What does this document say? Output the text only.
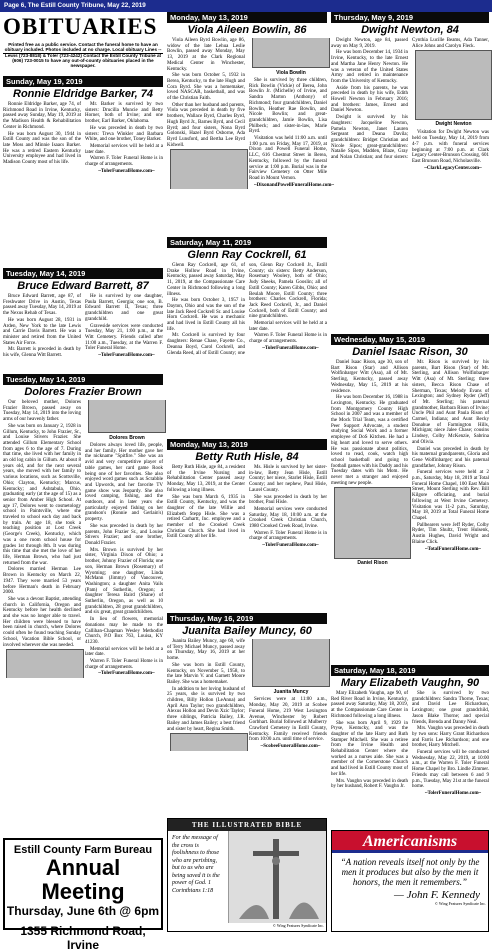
Page 6, The Estill County Tribune, May 22, 2019
OBITUARIES
Printed free as a public service. Contact the funeral home to have an obituary included. Photos included at no charge. Local obituary Lines -- Lewis (723-8818) & Toler (723-4242) Contact the Estill County Tribune at (606) 723-0015 to have any out-of-county obituaries placed in the newspaper.
Sunday, May 19, 2019
Ronnie Eldridge Barker, 74

Ronnie Eldridge Barker, age 74, of Richmond Road in Irvine, Kentucky, passed away Sunday, May 19, 2019 at the Madison Health & Rehabilitation Center in Richmond.

He was born August 30, 1944 in Estill County and was the son of the late Moss and Minnie Isaacs Barker. He was a retired Eastern Kentucky University employee and had lived in Madison County most of his life.

Mr. Barker is survived by two sisters: Drucilla Muncie and Betty Horner, both of Irvine; and one brother, Earl Barker, Oklahoma.

He was preceded in death by two sisters: Treva Winkler and Barbara White, and one brother, Toney Barker.

Memorial services will be held at a later date.

Warren F. Toler Funeral Home is in charge of arrangements.

~TolerFuneralHome.com~

Tuesday, May 14, 2019
Bruce Edward Barrett, 87

Bruce Edward Barrett, age 87, of Freshwater Drive in Austin, Texas passed away Tuesday, May 14, 2019 at the Nexus Rehab of Texas.

He was born August 28, 1931 in Arden, New York to the late Lewis and Carrie Davis Barrett. He was a minister and retired from the United States Air Force.

Mr. Barrett is preceded in death by his wife, Glenna Witt Barrett.

He is survived by one daughter, Paula Barrett, Georgia; one son, B. Edward Barrett II, Texas; three grandchildren and one great grandchild.

Graveside services were conducted Tuesday, May 21, 1:00 p.m., at the Witt Cemetery. Friends called after 11:00 a.m., Tuesday, at the Warren F. Toler Funeral Home.

~TolerFuneralHome.com~

Tuesday, May 14, 2019
Dolores Frazier Brown

Our beloved mother, Dolores Frazier Brown, passed away on Tuesday, May 14, 2019 into the loving arms of our heavenly father.

She was born on January 2, 1928 in Gillum, Kentucky, to John Frazier, Sr., and Louise Stivers Frazier. She attended Gillum Elementary School from ages 6 to the age of 7. During that time, she lived with her family in an old log cabin in Gillum. At about 8 years old, and for the next several years, she moved with her family to various locations, such as Scottsville, Ohio; Clayton, Kentucky; Marcus, Kentucky; and Ashtabula, Ohio, graduating early (at the age of 15) as a senior from Amber High School. At age 17, Dolores went to cosmetology school in Paintsville, where she traveled to school each day and back by train. At age 18, she took a teaching position at Lost Creek (George's Creek), Kentucky, which was a one room school house for grades 1st through 8th. It was during this time that she met the love of her life, Herman Brown, who had just returned from the war.

Dolores married Herman Lee Brown in Kentucky on March 22, 1947. They were married 53 years before Herman's death in February 2000.

She was a devout Baptist, attending church in California, Oregon and Kentucky before her health declined and she was no longer able to travel. Her children were blessed to have been raised in church, where Dolores could often be found teaching Sunday School, Vacation Bible School, or involved wherever she was needed.

Dolores Brown

Dolores always loved life, people, and her family. Her mother gave her the nickname "Spitfire." She was an avid and very competitive player of table games, her card game Rook being one of her favorites. She also enjoyed word games such as Scrabble and Upwords, and her favorite TV game show was Jeopardy. She also loved camping, fishing, and the outdoors, and in later years she particularly enjoyed fishing on her grandson's (Ronnie and Gerlain's) property.

She was preceded in death by her parents, John Frazier Sr., and Louise Stivers Frazier; and one brother, Donald Frazier.

Mrs. Brown is survived by her sister, Virginia Dixon of Ohio; a brother, Johnny Frazier of Florida; one son, Herman Brown (Rosemary) of Wyoming; one daughter, Linda McMann (Jimmy) of Vancouver, Washington; a daughter Anita Vails (Pam) of Sutherlin, Oregon; a daughter Teresa Baird (Shane) of Sutherlin, Oregon, as well as 10 grandchildren, 28 great grandchildren, and six great, great grandchildren.

In lieu of flowers, memorial donations may be made to the Callihan-Chapman Wesley Methodist Church, P.O Box 763, Louisa, KY 41230.

Memorial services will be held at a later date.

Warren F. Toler Funeral Home is in charge of arrangements.

~TolerFuneralHome.com~

Estill County Farm Bureau
Annual Meeting
Thursday, June 6th @ 6pm
1355 Richmond Road, Irvine
Monday, May 13, 2019
Viola Aileen Bowlin, 86

Viola Aileen Byrd Bowlin, age 86, widow of the late Lehua Leslie Bowlin, passed away Monday, May 13, 2019 at the Clark Regional Medical Center in Winchester, Kentucky.

She was born October 5, 1932 in Berea, Kentucky, to the late Hugh and Cora Byrd. She was a homemaker, loved NASCAR, basketball, and was of the Christian Faith.

Other than her husband and parents, Viola was preceded in death by five brothers, Wallace Byrd, Charles Byrd, Hugh Byrd Jr., Barnes Byrd, and Cecil Byrd; and four sisters, Nona Byrd Golonski, Hazel Byrd Osborne, Ada Byrd Lunsford, and Bertha Lee Byrd Kidwell.

Viola Bowlin

She is survived by three children, Rick Bowlin (Vickie) of Berea, John Bowlin Jr. (Michelle) of Irvine, and Sandra Marton (Anthony) of Richmond; four grandchildren, Daniel Bowlin, Heather Rae Bowlin, and Nicole Bowlin; and great-grandchildren, Jamie Bowlin, Lisa Philbeck; and sister-in-law, Marie Byrd.

Visitation was held 11:00 a.m. until 1:00 p.m. on Friday, May 17, 2019, at Dixon and Powell Funeral Home, LLC, 616 Chestnut Street in Berea, Kentucky, followed by the funeral service at 1:00 p.m. Burial was in the Fairview Cemetery on Otter Mile Road in Mount Vernon.

~DixonandPowellFuneralHome.com~

Saturday, May 11, 2019
Glenn Ray Cockrell, 61

Glenn Ray Cockrell, age 61, of Drake Hollow Road in Irvine, Kentucky, passed away Saturday, May 11, 2019, at the Compassionate Care Center in Richmond following a long illness.

He was born October 3, 1957 in Dayton, Ohio and was the son of the late Jack Reed Cockrell Sr. and Louise Horn Cockrell. He was a mechanic and had lived in Estill County all his life.

Mr. Cockrell is survived by four daughters: Renae Chase, Fayette Co., Deanna Boyd, Carol Cockrell, and Glenda Reed, all of Estill County; one son, Glenn Ray Cockrell Jr., Estill County; six sisters: Betty Anderson, Rosemary Woolery, both of Ohio; Judy Sheeks, Pamela Gooslin; all of Estill County; Karen Gibbs, Ohio; and Beulah Moore, Estill County; three brothers: Charles Cockrell, Florida; Jack Reed Cockrell, Jr., and Daniel Cockrell, both of Estill County; and nine grandchildren.

Memorial services will be held at a later date.

Warren F. Toler Funeral Home is in charge of arrangements.

~TolerFuneralHome.com~

Monday, May 13, 2019
Betty Ruth Hisle, 84

Betty Ruth Hisle, age 84, a resident of the Irvine Nursing and Rehabilitation Center passed away Monday, May 13, 2019, at the Center following a long illness.

She was born March 6, 1935 in Estill County, Kentucky, and was the daughter of the late Willie and Elizabeth Stepp Hisle. She was a retired Carhartt, Inc. employee and a member of the Crooked Creek Christian Church. She had lived in Estill County all her life.

Ms. Hisle is survived by her sister-in-law, Betty Jean Hisle, Estill County; her niece, Starlet Hisle, Estill County; and her nephew, Paul Hisle, Laurel County.

She was preceded in death by her brother, Paul Hisle.

Memorial services were conducted Saturday, May 18, 10:00 a.m. at the Crooked Creek Christian Church, 1980 Crooked Creek Road, Irvine.

Warren F. Toler Funeral Home is in charge of arrangements.

~TolerFuneralHome.com~

Thursday, May 16, 2019
Juanita Bailey Muncy, 60

Juanita Bailey Muncy, age 60, wife of Terry Michael Muncy, passed away on Thursday, May 16, 2019 at her home.

She was born in Estill County, Kentucky, on November 5, 1958, to the late Marvin V. and Garnett Moore Bailey. She was a homemaker.

In addition to her loving husband of 25 years, she is survived by two children, Billy Hollon (LeAnna) and April Ann Taylor; two grandchildren, Alexus Hollon and Devin Xzic Taylor; three siblings, Patricia Bailey, J.R. Bailey and James Bailey; a best friend and sister by heart, Regina Smith.

Juanita Muncy

Services were at 11:00 a.m., Monday, May 20, 2019 at Scobee Funeral Home, 219 West Lexington Avenue, Winchester by Robert Gorbhart. Burial followed at Mulberry Crawford Cemetery in Estill County, Kentucky. Family received friends from 10:00 a.m. until time of service.

~ScobeeFuneralHome.com~

THE ILLUSTRATED BIBLE
For the message of the cross is foolishness to those who are perishing, but to us who are being saved it is the power of God. 1 Corinthians 1:18
© Wing Features Syndicate Inc.
Thursday, May 9, 2019
Dwight Newton, 84

Dwight Newton, age 84, passed away on May 9, 2019.

He was born December 14, 1934 in Irvine, Kentucky, to the late Ernest and Martha Jane Henry Newton. He was a veteran of the United States Army and retired in maintenance from the University of Kentucky.

Aside from his parents, he was preceded in death by his wife, Edith Howell Newton in February 2016; and brothers: James, Ernest and Daniel Newton.

Dwight is survived by his daughters: Jacqueline Newton, Pamela Newton, Janet Lauren Sergeant and Deana Davila; grandchildren: Bridget Christian and Nicole Sipos; great-grandchildren: Natalie Sipos, Madden, Blaze, Gray and Nolan Christian; and four sisters: Cynthia Lucille Beams, Ada Tanner, Alice Johns and Carolyn Fleck.

Dwight Newton

Visitation for Dwight Newton was held on Tuesday, May 14, 2019 from 4-7 p.m. with funeral services beginning at 7:00 p.m. at Clark Legacy Center-Brunson Crossing, 601 East Brunson Road, Nicholasville.

~ClarkLegacyCenter.com~

Wednesday, May 15, 2019
Daniel Isaac Rison, 30

Daniel Isaac Rison, age 30, son of Bart Rison (Star) and Allison Wolfinbarger Witt (Asa), all of Mt. Sterling, Kentucky, passed away Wednesday, May 15, 2019 at his residence.

He was born December 16, 1988 in Lexington, Kentucky. He graduated from Montgomery County High School in 2007 and was a member of the Mock Trial Team, was a certified Peer Support Advocate, a student studying Social Work and a former employee of DoS Kitchen. He had a big heart and loved to serve others. He was passionate about politics, loved to read, cook, watch high school basketball and going to football games with his Daddy and his Tuesday dates with his Mom. He never met a stranger and enjoyed meeting new people.

Daniel Rison

Mr. Rison is survived by his parents, Bart Rison (Star) of Mt. Sterling, and Allison Wolfinbarger Witt (Asa) of Mt. Sterling; three sisters, Becca Rison Chase of Sherman, Texas; Melody Evans of Lexington; and Sydney Ryder (Jeff) of Mt. Sterling; his paternal grandmother, Barbara Rison of Irvine; Uncle Phil and Aunt Paula Rison of Carmel, Indiana; and Aunt Becky Donahue of Farmington Hills, Michigan; niece Jalee Chase; cousins Lindsey, Colby McKenzie, Sabrina and Olivia.

Daniel was preceded in death by his maternal grandparents, Gloria and Gene Wolfinbarger; and his paternal grandfather, Johnny Rison.

Funeral services were held at 2 p.m., Saturday, May 18, 2019 at Total Funeral Home Chapel, 100 East Main Street, Mount Sterling with Rev. Bill Kilgore officiating, and burial following at West Irvine Cemetery. Visitation was 11-2 p.m., Saturday, May 18, 2019 at Total Funeral Home Chapel.

Pallbearers were Jeff Ryder, Colby Ryder, Tim Shultz, Trent Hulsenk, Austin Hughes, David Wright and Blaine Click.

~TotalFuneralHome.com~

Saturday, May 18, 2019
Mary Elizabeth Vaughn, 90

Mary Elizabeth Vaughn, age 90, of Red River Road in Irvine, Kentucky, passed away Saturday, May 18, 2019, at the Compassionate Care Center in Richmond following a long illness.

She was born April 9, 1929 in Pryse, Kentucky, and was the daughter of the late Harry and Ruth Stamper Mitchell. She was a retiree from the Irvine Health and Rehabilitation Center where she worked as a nurses aide. She was a member of the Cornerstone Church and had lived in Estill County most of her life.

Mrs. Vaughn was preceded in death by her husband, Robert F. Vaughn Jr.

She is survived by two grandchildren: Sandra Thorne, Texas; and David Lee Richardson, Lexington; one great grandchild, Jason Blake Thorne; and special friends, Brenda and Danny Neal.

Mrs. Vaughn was preceded in death by two sons: Harry Grant Richardson and Farris Lee Richardson; and one brother, Harry Mitchell.

Funeral services will be conducted Wednesday, May 22, 2019, at 10:00 a.m., at the Warren F. Toler Funeral Home Chapel by Bro. Lindle Zimmer. Friends may call between 6 and 9 p.m., Tuesday, May 21st at the funeral home.

~TolerFuneralHome.com~

Americanisms
“A nation reveals itself not only by the men it produces but also by the men it honors, the men it remembers.”
— John F. Kennedy
© Wing Features Syndicate Inc.
